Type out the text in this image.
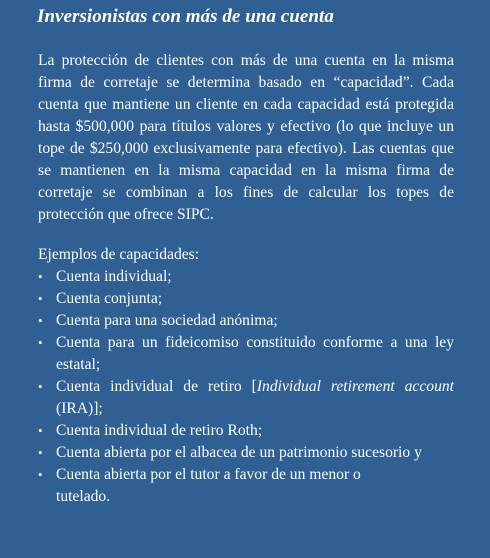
Inversionistas con más de una cuenta

La protección de clientes con más de una cuenta en la misma firma de corretaje se determina basado en “capacidad”. Cada cuenta que mantiene un cliente en cada capacidad está protegida hasta $500,000 para títulos valores y efectivo (lo que incluye un tope de $250,000 exclusivamente para efectivo). Las cuentas que se mantienen en la misma capacidad en la misma firma de corretaje se combinan a los fines de calcular los topes de protección que ofrece SIPC.

Ejemplos de capacidades:

• Cuenta individual;
• Cuenta conjunta;
• Cuenta para una sociedad anónima;
• Cuenta para un fideicomiso constituido conforme a una ley estatal;
• Cuenta individual de retiro [Individual retirement account (IRA)];
• Cuenta individual de retiro Roth;
• Cuenta abierta por el albacea de un patrimonio sucesorio y
• Cuenta abierta por el tutor a favor de un menor o tutelado.
